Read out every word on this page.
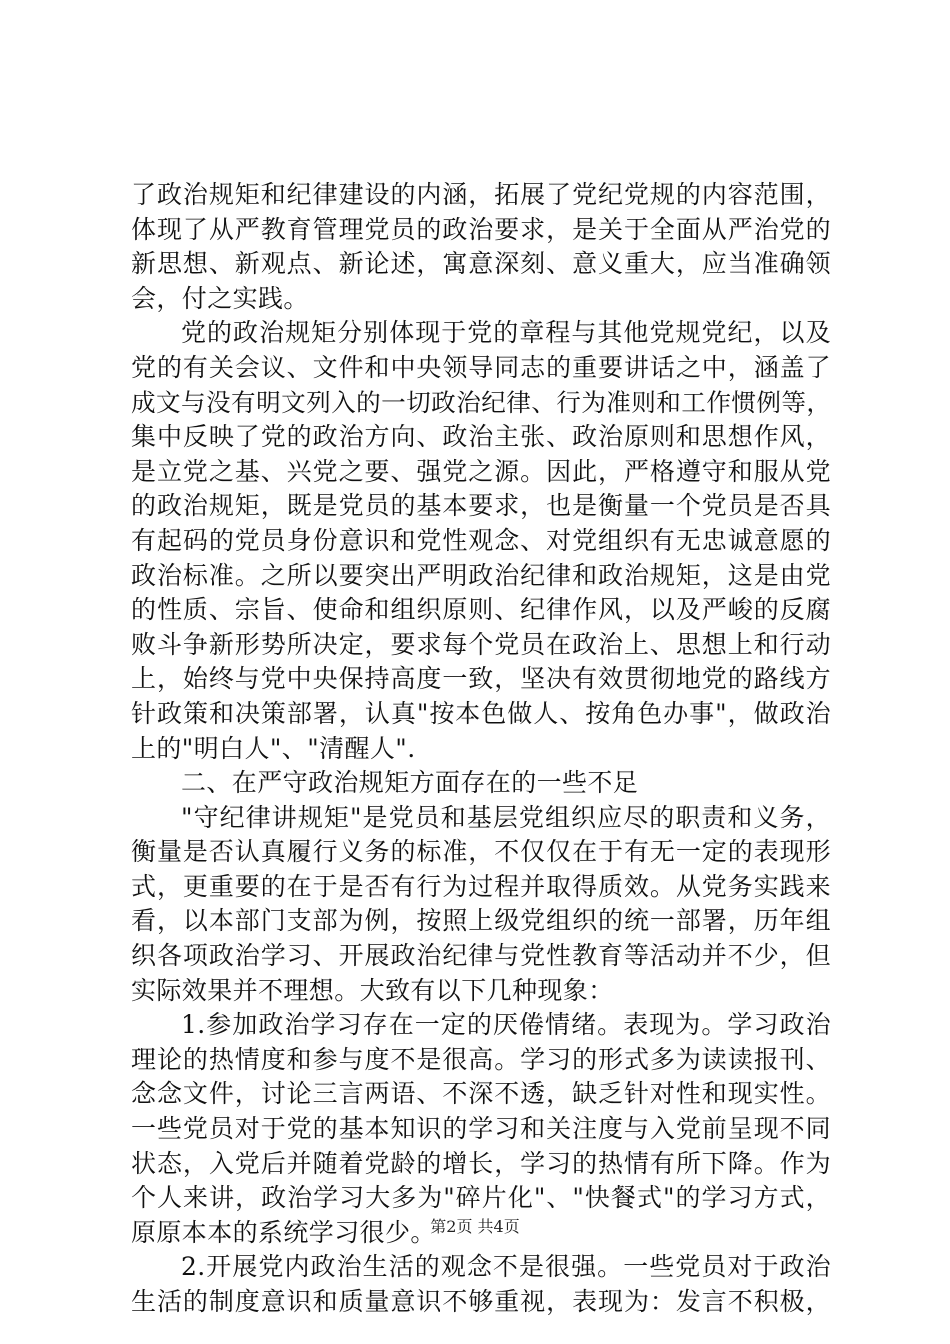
了政治规矩和纪律建设的内涵，拓展了党纪党规的内容范围，
体现了从严教育管理党员的政治要求，是关于全面从严治党的
新思想、新观点、新论述，寓意深刻、意义重大，应当准确领
会，付之实践。
党的政治规矩分别体现于党的章程与其他党规党纪，以及
党的有关会议、文件和中央领导同志的重要讲话之中，涵盖了
成文与没有明文列入的一切政治纪律、行为准则和工作惯例等，
集中反映了党的政治方向、政治主张、政治原则和思想作风，
是立党之基、兴党之要、强党之源。因此，严格遵守和服从党
的政治规矩，既是党员的基本要求，也是衡量一个党员是否具
有起码的党员身份意识和党性观念、对党组织有无忠诚意愿的
政治标准。之所以要突出严明政治纪律和政治规矩，这是由党
的性质、宗旨、使命和组织原则、纪律作风，以及严峻的反腐
败斗争新形势所决定，要求每个党员在政治上、思想上和行动
上，始终与党中央保持高度一致，坚决有效贯彻地党的路线方
针政策和决策部署，认真"按本色做人、按角色办事"，做政治
上的"明白人"、"清醒人".
二、在严守政治规矩方面存在的一些不足
"守纪律讲规矩"是党员和基层党组织应尽的职责和义务，
衡量是否认真履行义务的标准，不仅仅在于有无一定的表现形
式，更重要的在于是否有行为过程并取得质效。从党务实践来
看，以本部门支部为例，按照上级党组织的统一部署，历年组
织各项政治学习、开展政治纪律与党性教育等活动并不少，但
实际效果并不理想。大致有以下几种现象：
1.参加政治学习存在一定的厌倦情绪。表现为。学习政治
理论的热情度和参与度不是很高。学习的形式多为读读报刊、
念念文件，讨论三言两语、不深不透，缺乏针对性和现实性。
一些党员对于党的基本知识的学习和关注度与入党前呈现不同
状态，入党后并随着党龄的增长，学习的热情有所下降。作为
个人来讲，政治学习大多为"碎片化"、"快餐式"的学习方式，
原原本本的系统学习很少。
2.开展党内政治生活的观念不是很强。一些党员对于政治
生活的制度意识和质量意识不够重视，表现为：发言不积极，
第2页 共4页
